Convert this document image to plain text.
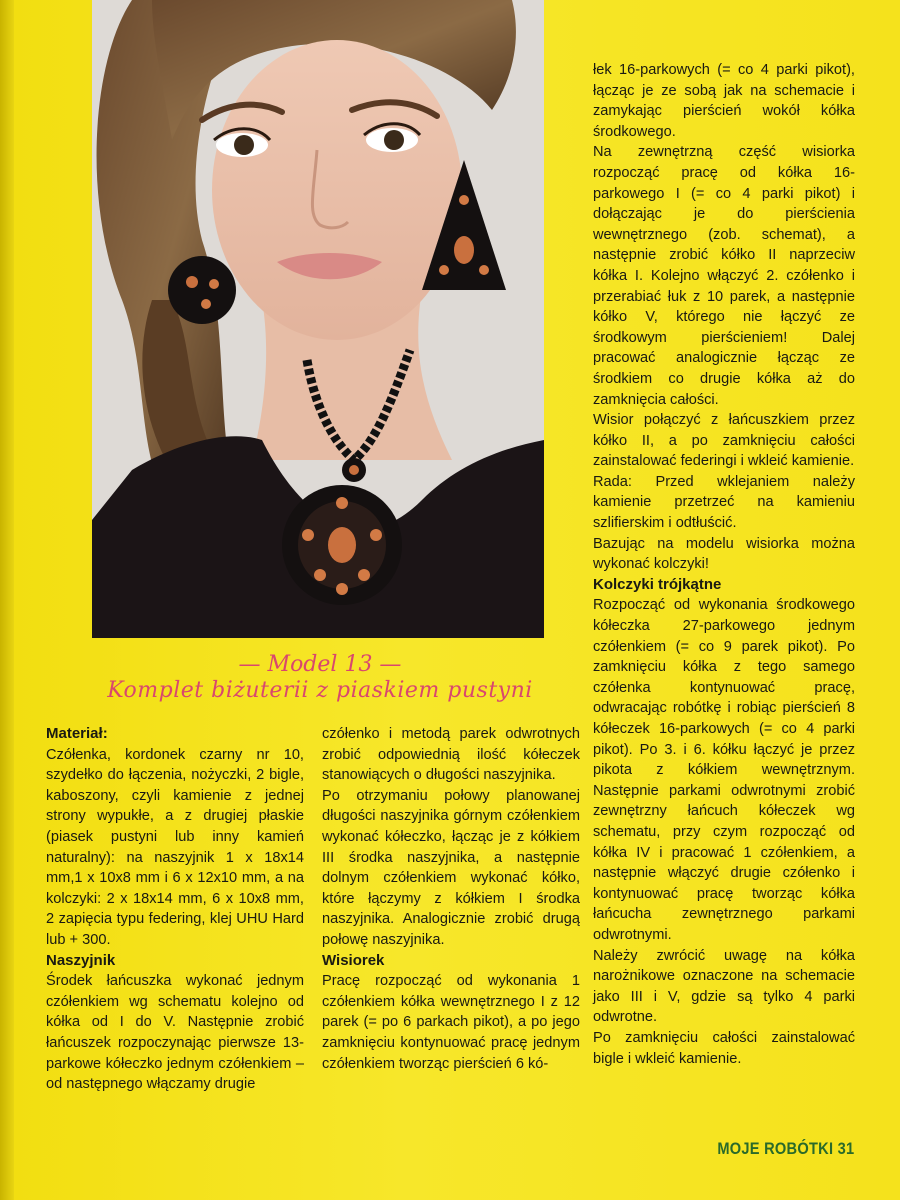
— Model 13 —
Komplet biżuterii z piaskiem pustyni
Materiał:

Czółenka, kordonek czarny nr 10, szydełko do łączenia, nożyczki, 2 bigle, kaboszony, czyli kamienie z jednej strony wypukłe, a z drugiej płaskie (piasek pustyni lub inny kamień naturalny): na naszyjnik 1 x 18x14 mm,1 x 10x8 mm i 6 x 12x10 mm, a na kolczyki: 2 x 18x14 mm, 6 x 10x8 mm, 2 zapięcia typu federing, klej UHU Hard lub + 300.

Naszyjnik

Środek łańcuszka wykonać jednym czółenkiem wg schematu kolejno od kółka od I do V. Następnie zrobić łańcuszek rozpoczynając pierwsze 13-parkowe kółeczko jednym czółenkiem – od następnego włączamy drugie

czółenko i metodą parek odwrotnych zrobić odpowiednią ilość kółeczek stanowiących o długości naszyjnika.

Po otrzymaniu połowy planowanej długości naszyjnika górnym czółenkiem wykonać kółeczko, łącząc je z kółkiem III środka naszyjnika, a następnie dolnym czółenkiem wykonać kółko, które łączymy z kółkiem I środka naszyjnika. Analogicznie zrobić drugą połowę naszyjnika.

Wisiorek

Pracę rozpocząć od wykonania 1 czółenkiem kółka wewnętrznego I z 12 parek (= po 6 parkach pikot), a po jego zamknięciu kontynuować pracę jednym czółenkiem tworząc pierścień 6 kó-

łek 16-parkowych (= co 4 parki pikot), łącząc je ze sobą jak na schemacie i zamykając pierścień wokół kółka środkowego.

Na zewnętrzną część wisiorka rozpocząć pracę od kółka 16-parkowego I (= co 4 parki pikot) i dołączając je do pierścienia wewnętrznego (zob. schemat), a następnie zrobić kółko II naprzeciw kółka I. Kolejno włączyć 2. czółenko i przerabiać łuk z 10 parek, a następnie kółko V, którego nie łączyć ze środkowym pierścieniem! Dalej pracować analogicznie łącząc ze środkiem co drugie kółka aż do zamknięcia całości.

Wisior połączyć z łańcuszkiem przez kółko II, a po zamknięciu całości zainstalować federingi i wkleić kamienie.

Rada: Przed wklejaniem należy kamienie przetrzeć na kamieniu szlifierskim i odtłuścić.

Bazując na modelu wisiorka można wykonać kolczyki!

Kolczyki trójkątne

Rozpocząć od wykonania środkowego kółeczka 27-parkowego jednym czółenkiem (= co 9 parek pikot). Po zamknięciu kółka z tego samego czółenka kontynuować pracę, odwracając robótkę i robiąc pierścień 8 kółeczek 16-parkowych (= co 4 parki pikot). Po 3. i 6. kółku łączyć je przez pikota z kółkiem wewnętrznym. Następnie parkami odwrotnymi zrobić zewnętrzny łańcuch kółeczek wg schematu, przy czym rozpocząć od kółka IV i pracować 1 czółenkiem, a następnie włączyć drugie czółenko i kontynuować pracę tworząc kółka łańcucha zewnętrznego parkami odwrotnymi.

Należy zwrócić uwagę na kółka narożnikowe oznaczone na schemacie jako III i V, gdzie są tylko 4 parki odwrotne.

Po zamknięciu całości zainstalować bigle i wkleić kamienie.

MOJE ROBÓTKI 31
